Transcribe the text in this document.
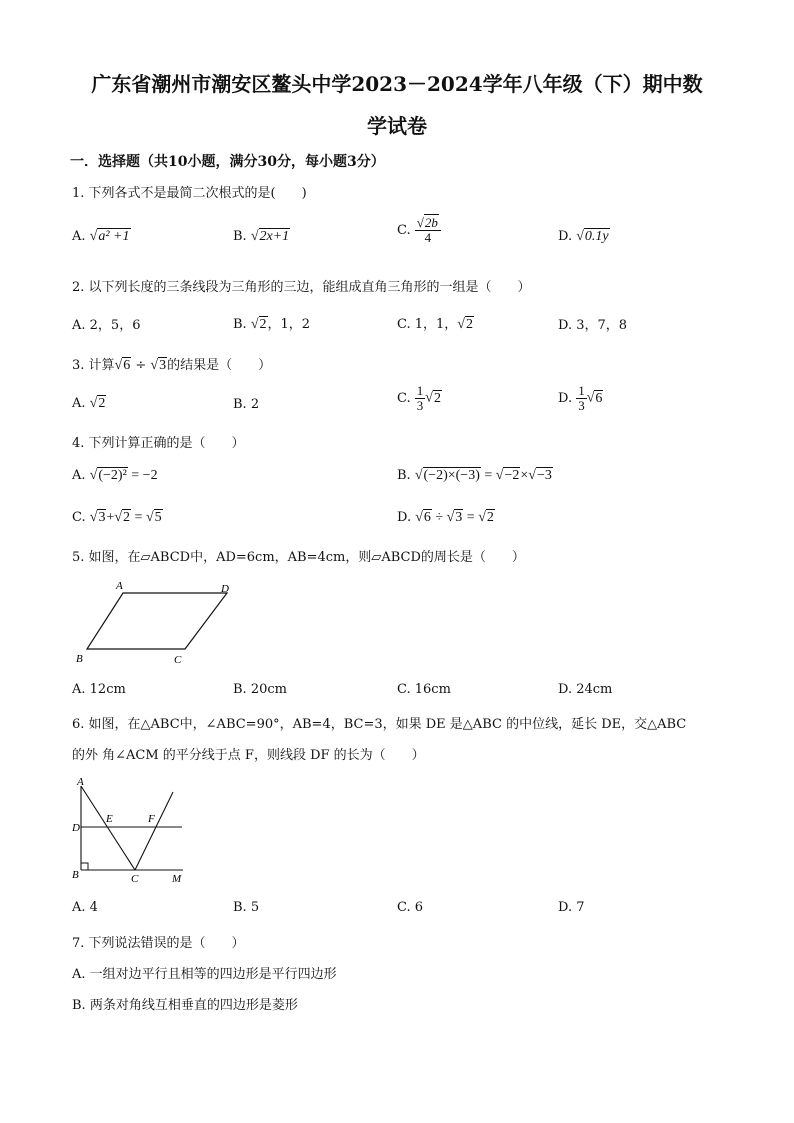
广东省潮州市潮安区鳌头中学2023－2024学年八年级（下）期中数
学试卷
一．选择题（共10小题，满分30分，每小题3分）
1. 下列各式不是最简二次根式的是(　　)
A. √a² +1	B. √2x+1	C. $\frac{√2b}{4}$	D. √0.1y
2. 以下列长度的三条线段为三角形的三边，能组成直角三角形的一组是（　　）
A. 2，5，6	B. √2，1，2	C. 1，1，√2	D. 3，7，8
3. 计算√6 ÷ √3的结果是（　　）
A. √2	B. 2	C. $\frac{1}{3} √2$	D. $\frac{1}{3} √6$
4. 下列计算正确的是（　　）
A. √(−2)² = −2	B. √(−2)×(−3) = √−2×√−3
C. √3+√2 = √5	D. √6 ÷ √3 = √2
5. 如图，在▱ABCD中，AD=6cm，AB=4cm，则▱ABCD的周长是（　　）
A	D
B	C
A. 12cm	B. 20cm	C. 16cm	D. 24cm
6. 如图，在△ABC中，∠ABC=90°，AB=4，BC=3，如果 DE 是△ABC 的中位线，延长 DE，交△ABC
的外 角∠ACM 的平分线于点 F，则线段 DF 的长为（　　）
A
D
E	F
B	C	M
A. 4	B. 5	C. 6	D. 7
7. 下列说法错误的是（　　）
A. 一组对边平行且相等的四边形是平行四边形
B. 两条对角线互相垂直的四边形是菱形
